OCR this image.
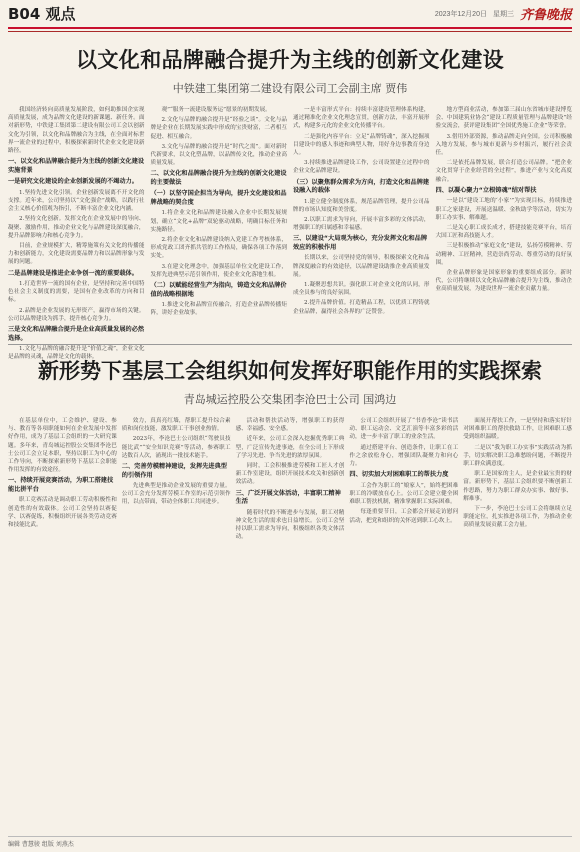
B04 观点	2023年12月20日 星期三 齐鲁晚报
以文化和品牌融合提升为主线的创新文化建设
中铁建工集团第二建设有限公司工会副主席 贾伟
我国经济转向高质量发展阶段，如何助推国企实现高质量发展，成为品牌文化建设的新课题、新任务。面对新形势，中铁建工集团第二建设有限公司工会以创新文化为引领，以文化和品牌融合为主线，在全面对标世界一流企业的过程中，积极探索新时代企业文化建设新路径。
一、以文化和品牌融合提升为主线的创新文化建设实施背景
一是研究文化建设的企业创新发展的不竭动力。
1.坚持先进文化引领。企业创新发展离不开文化的支撑。近年来，公司坚持以“文化强企”战略，以践行社会主义核心价值观为指引，不断丰富企业文化内涵。
2.坚持文化创新。发挥文化在企业发展中的导向、凝聚、激励作用，推动企业文化与品牌建设深度融合，提升品牌影响力和核心竞争力。
目前，企业规模扩大，精筹施策有关文化的传播能力和创新能力，文化建设需要品牌力和以品牌形象与发展的问题。
二是品牌建设是推进企业争创一流的重要载体。
1.打造世界一流的国有企业，是坚持和完善中国特色社会主义制度的需要，是国有企业改革的方向和目标。
2.品牌是企业发展的无形资产，赢得市场的关键。公司以品牌建设为抓手，提升核心竞争力。
三是文化和品牌融合提升是企业高质量发展的必然选择。
1.文化与品牌的融合提升是“价值之魂”，企业文化是品牌的灵魂，品牌是文化的载体。
观”“服务一流建设服务运”愿景的初期发展。
2.文化与品牌的融合提升是“经验之谈”。文化与品牌是企业在长期发展实践中形成的宝贵财富，二者相互促进、相互融合。
3.文化与品牌的融合提升是“时代之需”。面对新时代新要求，以文化塑品牌，以品牌传文化，推动企业高质量发展。
二、以文化和品牌融合提升为主线的创新文化建设的主要做法
（一）以坚守国企担当为导向，提升文化建设和品牌战略的契合度
1.将企业文化和品牌建设融入企业中长期发展规划，确立“文化+品牌”双轮驱动战略，明确目标任务和实施路径。
2.将企业文化和品牌建设纳入党建工作考核体系，形成党政工团齐抓共管的工作格局，确保各项工作落到实处。
3.在建文化理念中，加强基层单位文化建设工作，发挥先进典型示范引领作用，使企业文化落地生根。
（二）以赋能经营生产为指向，铸造文化和品牌价值的战略根据地
1.推进文化和品牌宣传融合，打造企业品牌传播矩阵，讲好企业故事。
一是丰富形式平台：持续丰富建设管理体系构建，通过精准化企业文化理念宣贯，创新方法，丰富开展形式，构建多元化的企业文化传播平台。
二是强化内容平台：立足“品牌铸魂”，深入挖掘项目建设中的感人事迹和典型人物，用好身边事教育身边人。
3.持续推进品牌建设工作，公司设置建立过程中的企业文化品牌建设。
（三）以聚焦群众需求为方向，打造文化和品牌建设融入的载体
1.建立健全制度体系，规范品牌管理，提升公司品牌的市场认知度和美誉度。
2.以职工需求为导向，开展丰富多彩的文体活动，增强职工的归属感和幸福感。
三、以建设“大局观为核心，充分发挥文化和品牌效应的积极作用
长期以来，公司坚持党的领导，积极探索文化和品牌深度融合的有效途径，以品牌建设助推企业高质量发展。
1.凝聚思想共识。强化职工对企业文化的认同，形成全员参与的良好氛围。
2.提升品牌价值。打造精品工程，以优质工程铸就企业品牌，赢得社会各界的广泛赞誉。
地方型商业活动，参加第三届山东省城市建设博览会、中国建筑业协会“建设工程质量管理与品牌建设”经验交流会，获评建设集团“全国优秀施工企业”等荣誉。
3.借用外部资源，推动品牌走向全国。公司积极融入地方发展，参与城市更新与乡村振兴，履行社会责任。
二是依托品牌发展，联合打造公司品牌。“把企业文化贯穿于企业经营的全过程”，推进产业与文化高度融合。
四、以凝心聚力“立根铸魂”结对帮扶
一是以“建设工地的‘小家’”为实现目标，持续推进职工之家建设，开展送温暖、金秋助学等活动，切实为职工办实事、解难题。
二是关心职工成长成才，搭建技能竞赛平台，培育大国工匠和高技能人才。
三是积极推动“家庭文化”建设，弘扬劳模精神、劳动精神、工匠精神，营造崇尚劳动、尊重劳动的良好氛围。
企业品牌形象是国家形象的重要组成部分。新时代，公司将继续以文化和品牌融合提升为主线，推动企业高质量发展，为建设世界一流企业贡献力量。
新形势下基层工会组织如何发挥好职能作用的实践探索
青岛城运控股公交集团李沧巴士公司 国鸿边
在基层单位中，工会维护、建设、参与、教育等各项职能如何在企业发展中发挥好作用，成为了基层工会组织的一大研究课题。多年来，青岛城运控股公交集团李沧巴士公司工会立足本职，坚持以职工为中心的工作导向，不断探索新形势下基层工会职能作用发挥的有效途径。
一、持续开展竞赛活动，为职工搭建技能比拼平台
职工竞赛活动是调动职工劳动积极性和创造性的有效载体。公司工会坚持以赛促学、以赛促练，积极组织开展各类劳动竞赛和技能比武。
效力，真真亮红墙，帮职工提升综合素质和岗位技能，激发职工干事创业热情。
2023年，李沧巴士公司组织“驾驶员技能比武”“安全知识竞赛”等活动，参赛职工达数百人次，涌现出一批技术能手。
二、完善劳模精神建设，发挥先进典型的引领作用
先进典型是推动企业发展的重要力量。公司工会充分发挥劳模工作室的示范引领作用，以点带面，带动全体职工共同进步。
活动和帮扶活动等，增强职工的获得感、幸福感、安全感。
近年来，公司工会深入挖掘优秀职工典型，广泛宣传先进事迹，在全公司上下形成了学习先进、争当先进的浓厚氛围。
同时，工会积极推进劳模和工匠人才创新工作室建设，组织开展技术攻关和创新创效活动。
三、广泛开展文体活动，丰富职工精神生活
随着时代的不断进步与发展，职工对精神文化生活的需求也日益增长。公司工会坚持以职工需求为导向，积极组织各类文体活动。
公司工会组织开展了“书香李沧”读书活动、职工运动会、文艺汇演等丰富多彩的活动，进一步丰富了职工的业余生活。
通过搭建平台、创造条件，让职工在工作之余放松身心，增强团队凝聚力和向心力。
四、切实加大对困难职工的帮扶力度
工会作为职工的“娘家人”，始终把困难职工的冷暖放在心上。公司工会建立健全困难职工帮扶机制，精准掌握职工实际困难。
每逢重要节日，工会都会开展走访慰问活动，把党和组织的关怀送到职工心坎上。
面展开帮扶工作，一是坚持和落实好针对困难职工的帮扶救助工作，让困难职工感受到组织温暖。
二是以“我为职工办实事”实践活动为抓手，切实解决职工急难愁盼问题，不断提升职工群众满意度。
职工是国家的主人，是企业最宝贵的财富。新形势下，基层工会组织要不断创新工作思路，努力为职工群众办实事、做好事、解难事。
下一步，李沧巴士公司工会将继续立足职能定位，扎实推进各项工作，为推动企业高质量发展贡献工会力量。
编辑 曹慧骏 组版 刘燕杰
